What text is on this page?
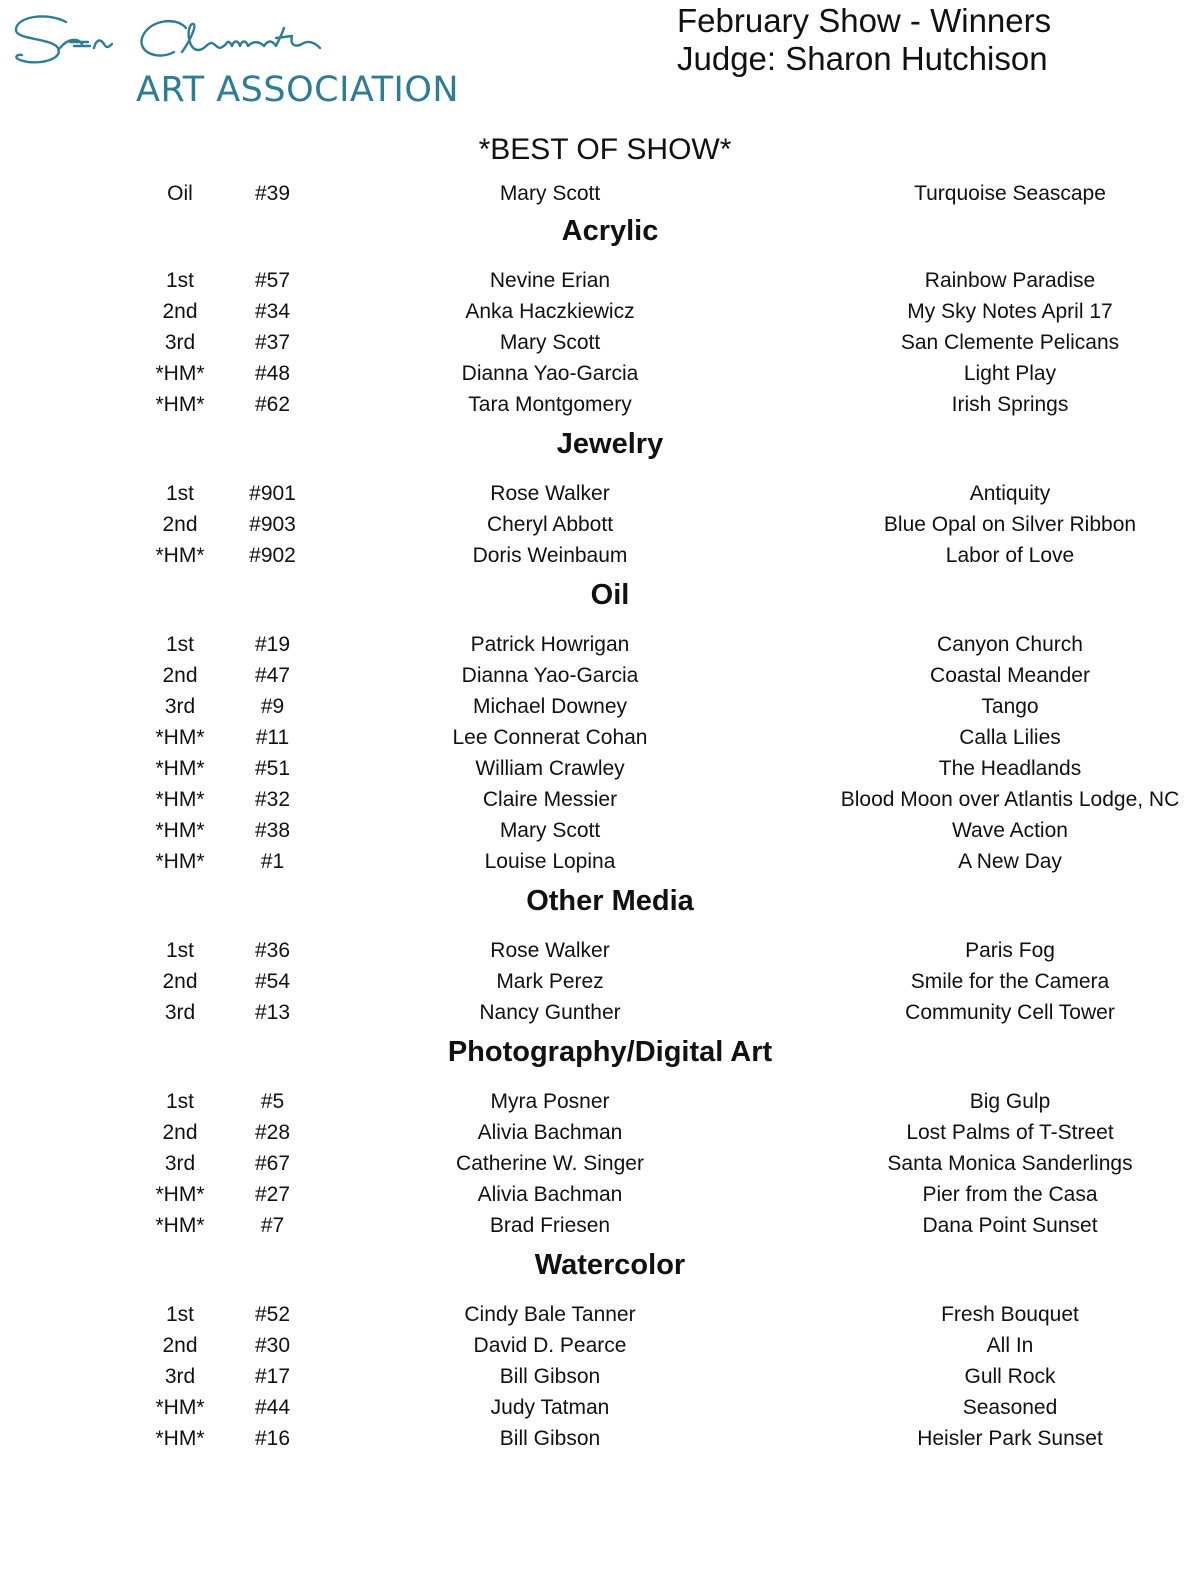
ART ASSOCIATION
February Show - Winners
Judge: Sharon Hutchison
*BEST OF SHOW*
Oil	#39	Mary Scott	Turquoise Seascape
Acrylic
1st	#57	Nevine Erian	Rainbow Paradise
2nd	#34	Anka Haczkiewicz	My Sky Notes April 17
3rd	#37	Mary Scott	San Clemente Pelicans
*HM*	#48	Dianna Yao-Garcia	Light Play
*HM*	#62	Tara Montgomery	Irish Springs
Jewelry
1st	#901	Rose Walker	Antiquity
2nd	#903	Cheryl Abbott	Blue Opal on Silver Ribbon
*HM*	#902	Doris Weinbaum	Labor of Love
Oil
1st	#19	Patrick Howrigan	Canyon Church
2nd	#47	Dianna Yao-Garcia	Coastal Meander
3rd	#9	Michael Downey	Tango
*HM*	#11	Lee Connerat Cohan	Calla Lilies
*HM*	#51	William Crawley	The Headlands
*HM*	#32	Claire Messier	Blood Moon over Atlantis Lodge, NC
*HM*	#38	Mary Scott	Wave Action
*HM*	#1	Louise Lopina	A New Day
Other Media
1st	#36	Rose Walker	Paris Fog
2nd	#54	Mark Perez	Smile for the Camera
3rd	#13	Nancy Gunther	Community Cell Tower
Photography/Digital Art
1st	#5	Myra Posner	Big Gulp
2nd	#28	Alivia Bachman	Lost Palms of T-Street
3rd	#67	Catherine W. Singer	Santa Monica Sanderlings
*HM*	#27	Alivia Bachman	Pier from the Casa
*HM*	#7	Brad Friesen	Dana Point Sunset
Watercolor
1st	#52	Cindy Bale Tanner	Fresh Bouquet
2nd	#30	David D. Pearce	All In
3rd	#17	Bill Gibson	Gull Rock
*HM*	#44	Judy Tatman	Seasoned
*HM*	#16	Bill Gibson	Heisler Park Sunset
